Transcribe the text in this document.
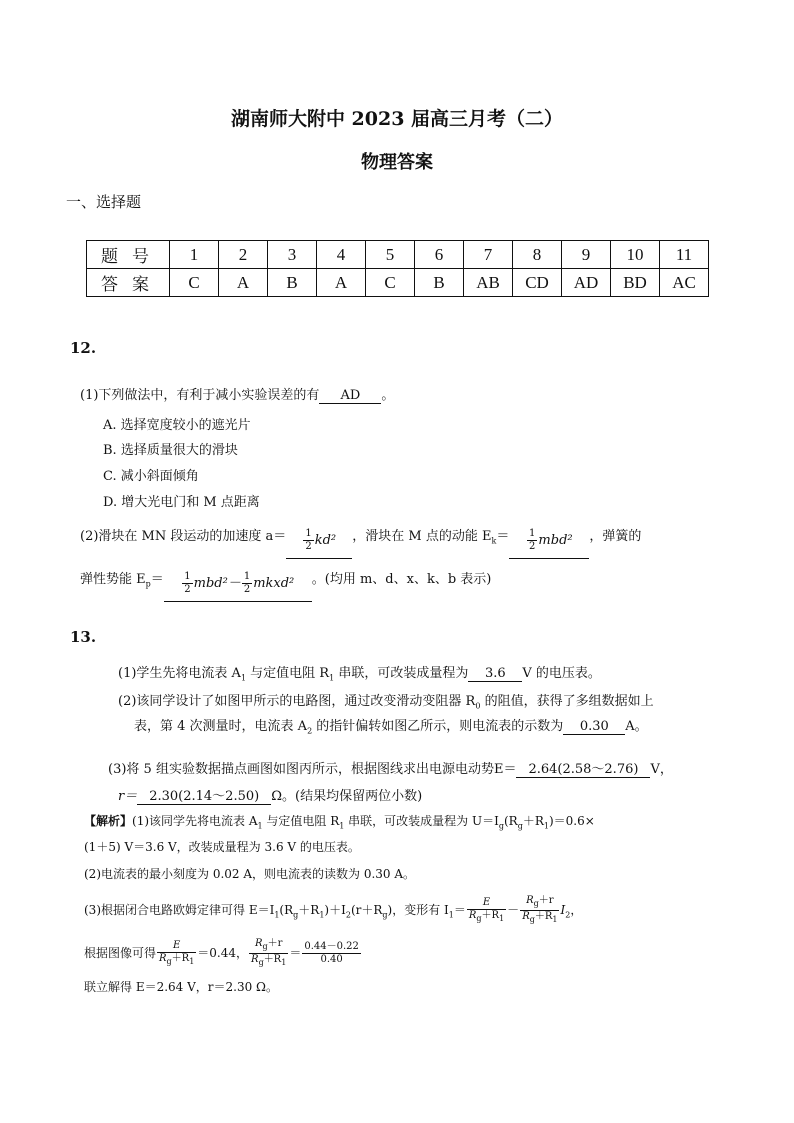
湖南师大附中 2023 届高三月考（二）
物理答案
一、选择题
题号	1	2	3	4	5	6	7	8	9	10	11
答案	C	A	B	A	C	B	AB	CD	AD	BD	AC
12.
(1)下列做法中，有利于减小实验误差的有 AD 。
A. 选择宽度较小的遮光片
B. 选择质量很大的滑块
C. 减小斜面倾角
D. 增大光电门和 M 点距离
(2)滑块在 MN 段运动的加速度 $a= \frac{1}{2} kd^2$ ，滑块在 M 点的动能 $E_k= \frac{1}{2} mbd^2$ ，弹簧的
弹性势能 $E_p= \frac{1}{2} mbd^2- \frac{1}{2}$ mkxd² 。(均用 m、d、x、k、b 表示)
13.
(1)学生先将电流表 $A_1$ 与定值电阻 $R_1$ 串联，可改装成量程为 3.6 V 的电压表。
(2)该同学设计了如图甲所示的电路图，通过改变滑动变阻器 $R_0$ 的阻值，获得了多组数据如上
表，第 4 次测量时，电流表 $A_2$ 的指针偏转如图乙所示，则电流表的示数为 0.30 A。
(3)将 5 组实验数据描点画图如图丙所示，根据图线求出电源电动势E＝ 2.64(2.58～2.76) V，
r＝ 2.30(2.14～2.50) Ω。(结果均保留两位小数)
【解析】(1)该同学先将电流表 $A_1$ 与定值电阻 $R_1$ 串联，可改装成量程为 $U=I_g(R_g+R_1)=0.6\times$
(1＋5) V＝3.6 V，改装成量程为 3.6 V 的电压表。
(2)电流表的最小刻度为 0.02 A，则电流表的读数为 0.30 A。
(3)根据闭合电路欧姆定律可得 $E=I_1(R_g+R_1)+I_2(r+R_g)$，变形有 $I_1= \frac{E}{R_g+R_1} - \frac{R_g+r}{R_g+R_1} I_2$，
根据图像可得 $\frac{E}{R_g+R_1} =0.44$， $\frac{R_g+r}{R_g+R_1} = \frac{0.44-0.22}{0.40}$
联立解得 E＝2.64 V，r＝2.30 Ω。
